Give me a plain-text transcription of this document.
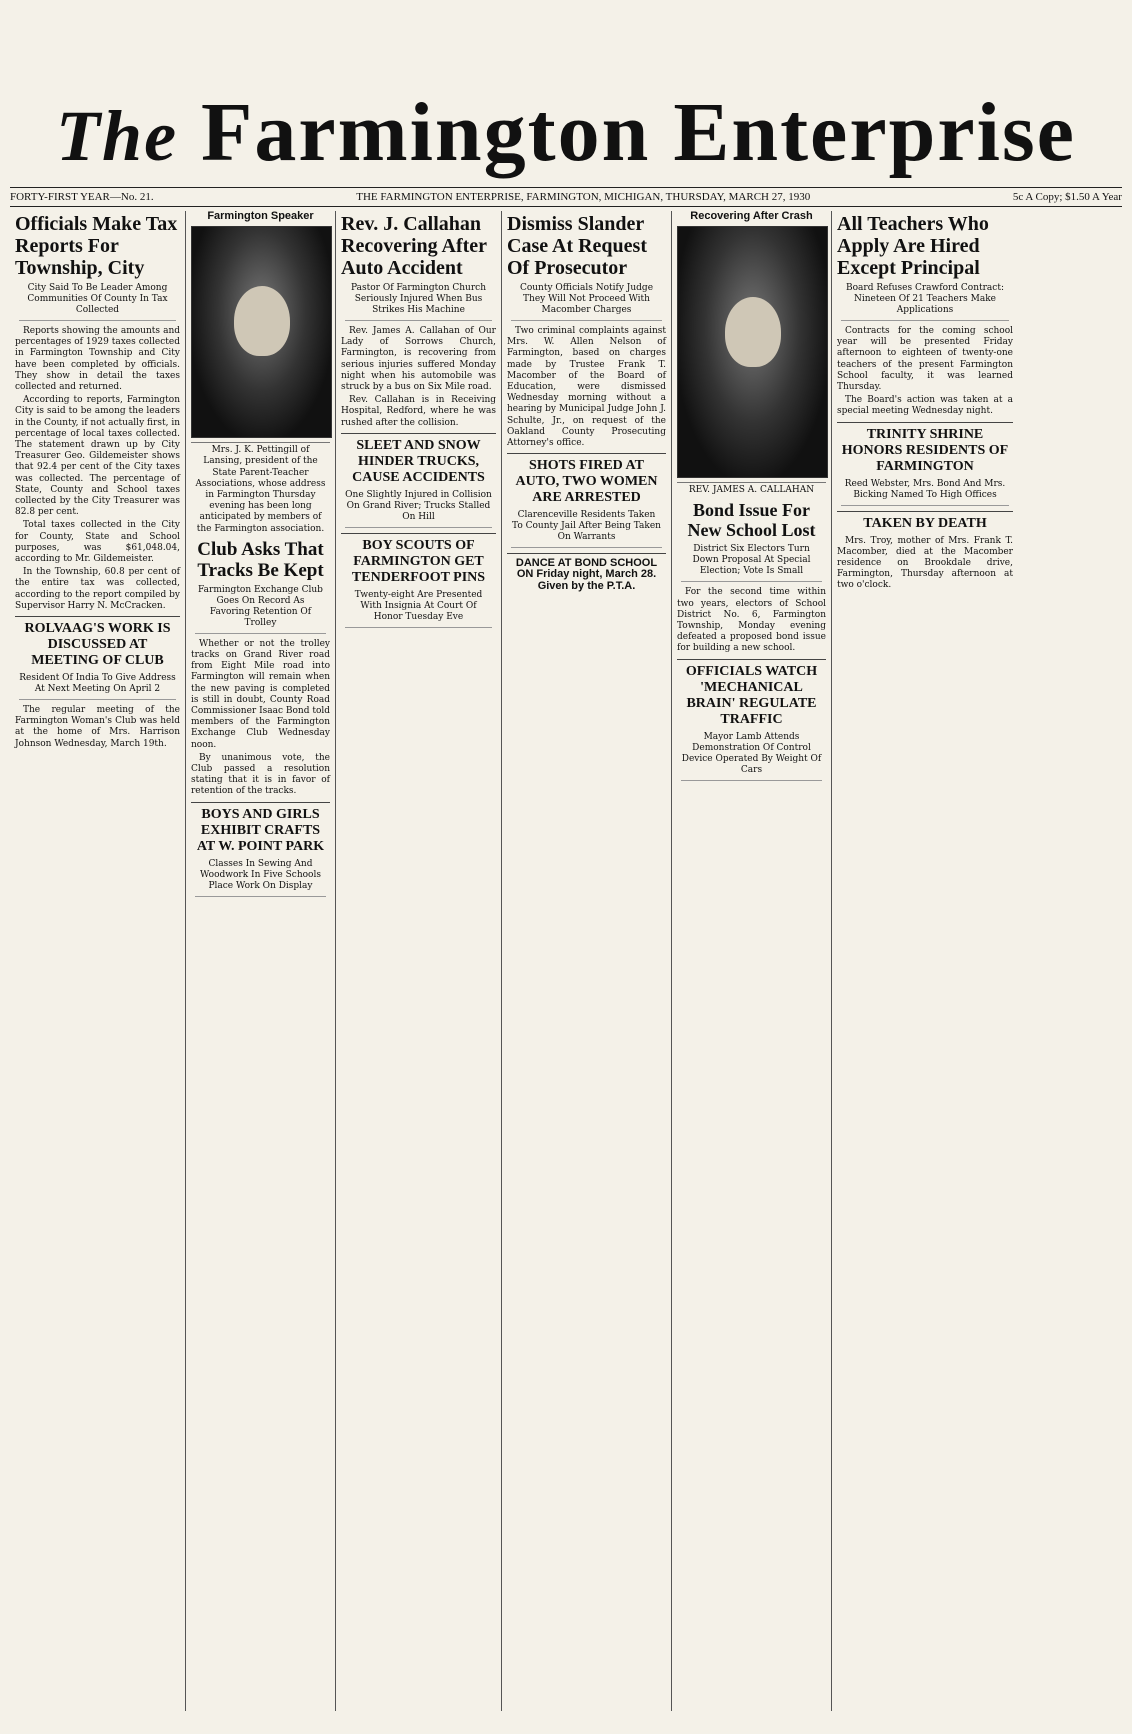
The Farmington Enterprise
FORTY-FIRST YEAR—No. 21.	THE FARMINGTON ENTERPRISE, FARMINGTON, MICHIGAN, THURSDAY, MARCH 27, 1930	5c A Copy; $1.50 A Year
Officials Make Tax Reports For Township, City
City Said To Be Leader Among Communities Of County In Tax Collected

Reports showing the amounts and percentages of 1929 taxes collected in Farmington Township and City have been completed by officials. They show in detail the taxes collected and returned.

According to reports, Farmington City is said to be among the leaders in the County, if not actually first, in percentage of local taxes collected. The statement drawn up by City Treasurer Geo. Gildemeister shows that 92.4 per cent of the City taxes was collected. The percentage of State, County and School taxes collected by the City Treasurer was 82.8 per cent.

Total taxes collected in the City for County, State and School purposes, was $61,048.04, according to Mr. Gildemeister.

In the Township, 60.8 per cent of the entire tax was collected, according to the report compiled by Supervisor Harry N. McCracken.

ROLVAAG'S WORK IS DISCUSSED AT MEETING OF CLUB
Resident Of India To Give Address At Next Meeting On April 2

The regular meeting of the Farmington Woman's Club was held at the home of Mrs. Harrison Johnson Wednesday, March 19th.

Farmington Speaker
Mrs. J. K. Pettingill of Lansing, president of the State Parent-Teacher Associations, whose address in Farmington Thursday evening has been long anticipated by members of the Farmington association.
Club Asks That Tracks Be Kept
Farmington Exchange Club Goes On Record As Favoring Retention Of Trolley

Whether or not the trolley tracks on Grand River road from Eight Mile road into Farmington will remain when the new paving is completed is still in doubt, County Road Commissioner Isaac Bond told members of the Farmington Exchange Club Wednesday noon.

By unanimous vote, the Club passed a resolution stating that it is in favor of retention of the tracks.

BOYS AND GIRLS EXHIBIT CRAFTS AT W. POINT PARK
Classes In Sewing And Woodwork In Five Schools Place Work On Display
Rev. J. Callahan Recovering After Auto Accident
Pastor Of Farmington Church Seriously Injured When Bus Strikes His Machine

Rev. James A. Callahan of Our Lady of Sorrows Church, Farmington, is recovering from serious injuries suffered Monday night when his automobile was struck by a bus on Six Mile road.

Rev. Callahan is in Receiving Hospital, Redford, where he was rushed after the collision.

SLEET AND SNOW HINDER TRUCKS, CAUSE ACCIDENTS
One Slightly Injured in Collision On Grand River; Trucks Stalled On Hill
BOY SCOUTS OF FARMINGTON GET TENDERFOOT PINS
Twenty-eight Are Presented With Insignia At Court Of Honor Tuesday Eve
Dismiss Slander Case At Request Of Prosecutor
County Officials Notify Judge They Will Not Proceed With Macomber Charges

Two criminal complaints against Mrs. W. Allen Nelson of Farmington, based on charges made by Trustee Frank T. Macomber of the Board of Education, were dismissed Wednesday morning without a hearing by Municipal Judge John J. Schulte, Jr., on request of the Oakland County Prosecuting Attorney's office.

SHOTS FIRED AT AUTO, TWO WOMEN ARE ARRESTED
Clarenceville Residents Taken To County Jail After Being Taken On Warrants
DANCE AT BOND SCHOOL ON Friday night, March 28. Given by the P.T.A.
Recovering After Crash
REV. JAMES A. CALLAHAN
Bond Issue For New School Lost
District Six Electors Turn Down Proposal At Special Election; Vote Is Small

For the second time within two years, electors of School District No. 6, Farmington Township, Monday evening defeated a proposed bond issue for building a new school.

OFFICIALS WATCH 'MECHANICAL BRAIN' REGULATE TRAFFIC
Mayor Lamb Attends Demonstration Of Control Device Operated By Weight Of Cars
All Teachers Who Apply Are Hired Except Principal
Board Refuses Crawford Contract: Nineteen Of 21 Teachers Make Applications

Contracts for the coming school year will be presented Friday afternoon to eighteen of twenty-one teachers of the present Farmington School faculty, it was learned Thursday.

The Board's action was taken at a special meeting Wednesday night.

TRINITY SHRINE HONORS RESIDENTS OF FARMINGTON
Reed Webster, Mrs. Bond And Mrs. Bicking Named To High Offices
TAKEN BY DEATH

Mrs. Troy, mother of Mrs. Frank T. Macomber, died at the Macomber residence on Brookdale drive, Farmington, Thursday afternoon at two o'clock.
